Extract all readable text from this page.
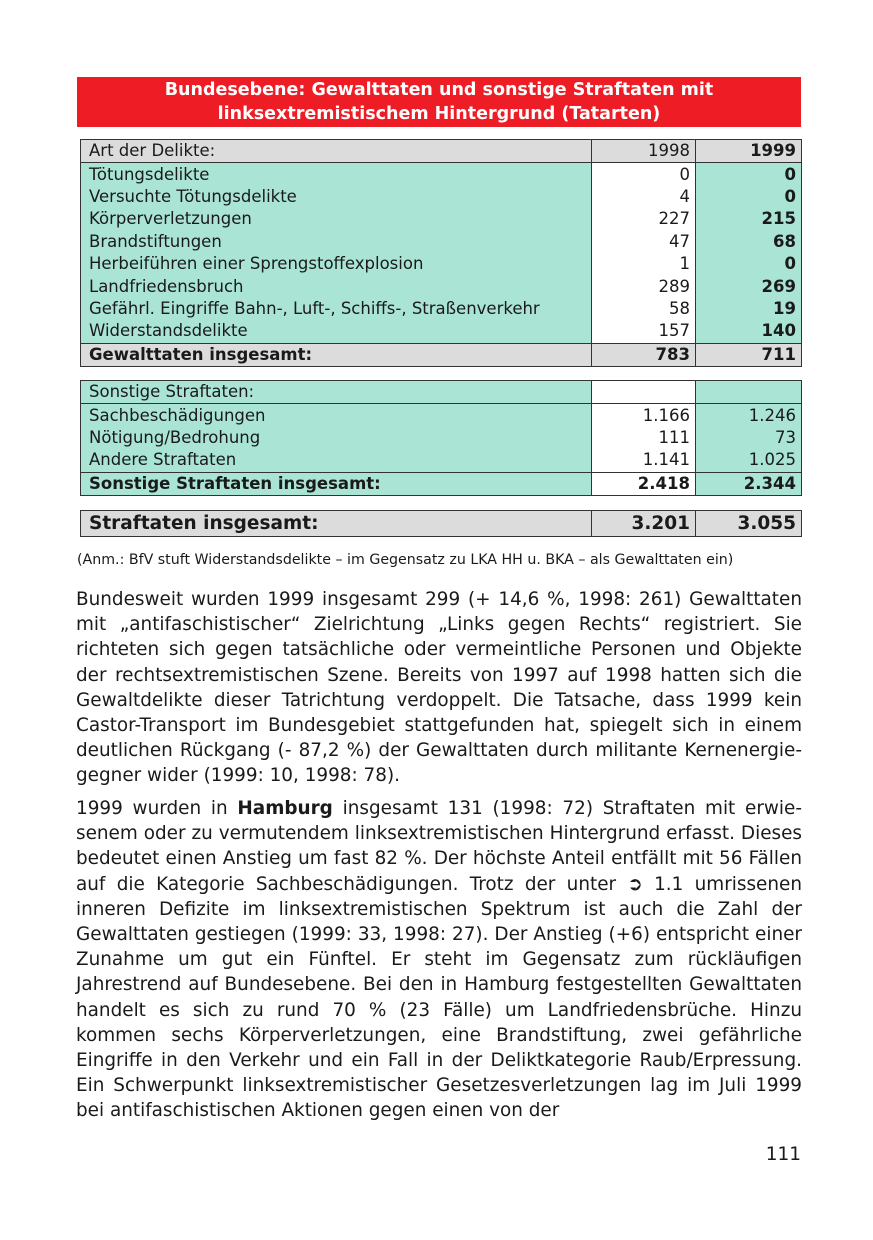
Bundesebene: Gewalttaten und sonstige Straftaten mit
linksextremistischem Hintergrund (Tatarten)
Art der Delikte:	1998	1999
Tötungsdelikte	0	0
Versuchte Tötungsdelikte	4	0
Körperverletzungen	227	215
Brandstiftungen	47	68
Herbeiführen einer Sprengstoffexplosion	1	0
Landfriedensbruch	289	269
Gefährl. Eingriffe Bahn-, Luft-, Schiffs-, Straßenverkehr	58	19
Widerstandsdelikte	157	140
Gewalttaten insgesamt:	783	711
Sonstige Straftaten:		
Sachbeschädigungen	1.166	1.246
Nötigung/Bedrohung	111	73
Andere Straftaten	1.141	1.025
Sonstige Straftaten insgesamt:	2.418	2.344
Straftaten insgesamt:	3.201	3.055
(Anm.: BfV stuft Widerstandsdelikte – im Gegensatz zu LKA HH u. BKA – als Gewalttaten ein)

Bundesweit wurden 1999 insgesamt 299 (+ 14,6 %, 1998: 261) Gewalttaten mit „antifaschistischer“ Zielrichtung „Links gegen Rechts“ registriert. Sie richteten sich gegen tatsächliche oder vermeintliche Personen und Objekte der rechtsextremistischen Szene. Bereits von 1997 auf 1998 hatten sich die Gewaltdelikte dieser Tatrichtung verdoppelt. Die Tatsache, dass 1999 kein Castor-Transport im Bundesgebiet stattgefunden hat, spiegelt sich in einem deutlichen Rückgang (- 87,2 %) der Gewalttaten durch militante Kernenergiegegner wider (1999: 10, 1998: 78).

1999 wurden in Hamburg insgesamt 131 (1998: 72) Straftaten mit erwiesenem oder zu vermutendem linksextremistischen Hintergrund erfasst. Dieses bedeutet einen Anstieg um fast 82 %. Der höchste Anteil entfällt mit 56 Fällen auf die Kategorie Sachbeschädigungen. Trotz der unter ➲ 1.1 umrissenen inneren Defizite im linksextremistischen Spektrum ist auch die Zahl der Gewalttaten gestiegen (1999: 33, 1998: 27). Der Anstieg (+6) entspricht einer Zunahme um gut ein Fünftel. Er steht im Gegensatz zum rückläufigen Jahrestrend auf Bundesebene. Bei den in Hamburg festgestellten Gewalttaten handelt es sich zu rund 70 % (23 Fälle) um Landfriedensbrüche. Hinzu kommen sechs Körperverletzungen, eine Brandstiftung, zwei gefährliche Eingriffe in den Verkehr und ein Fall in der Deliktkategorie Raub/Erpressung. Ein Schwerpunkt linksextremistischer Gesetzesverletzungen lag im Juli 1999 bei antifaschistischen Aktionen gegen einen von der

111
